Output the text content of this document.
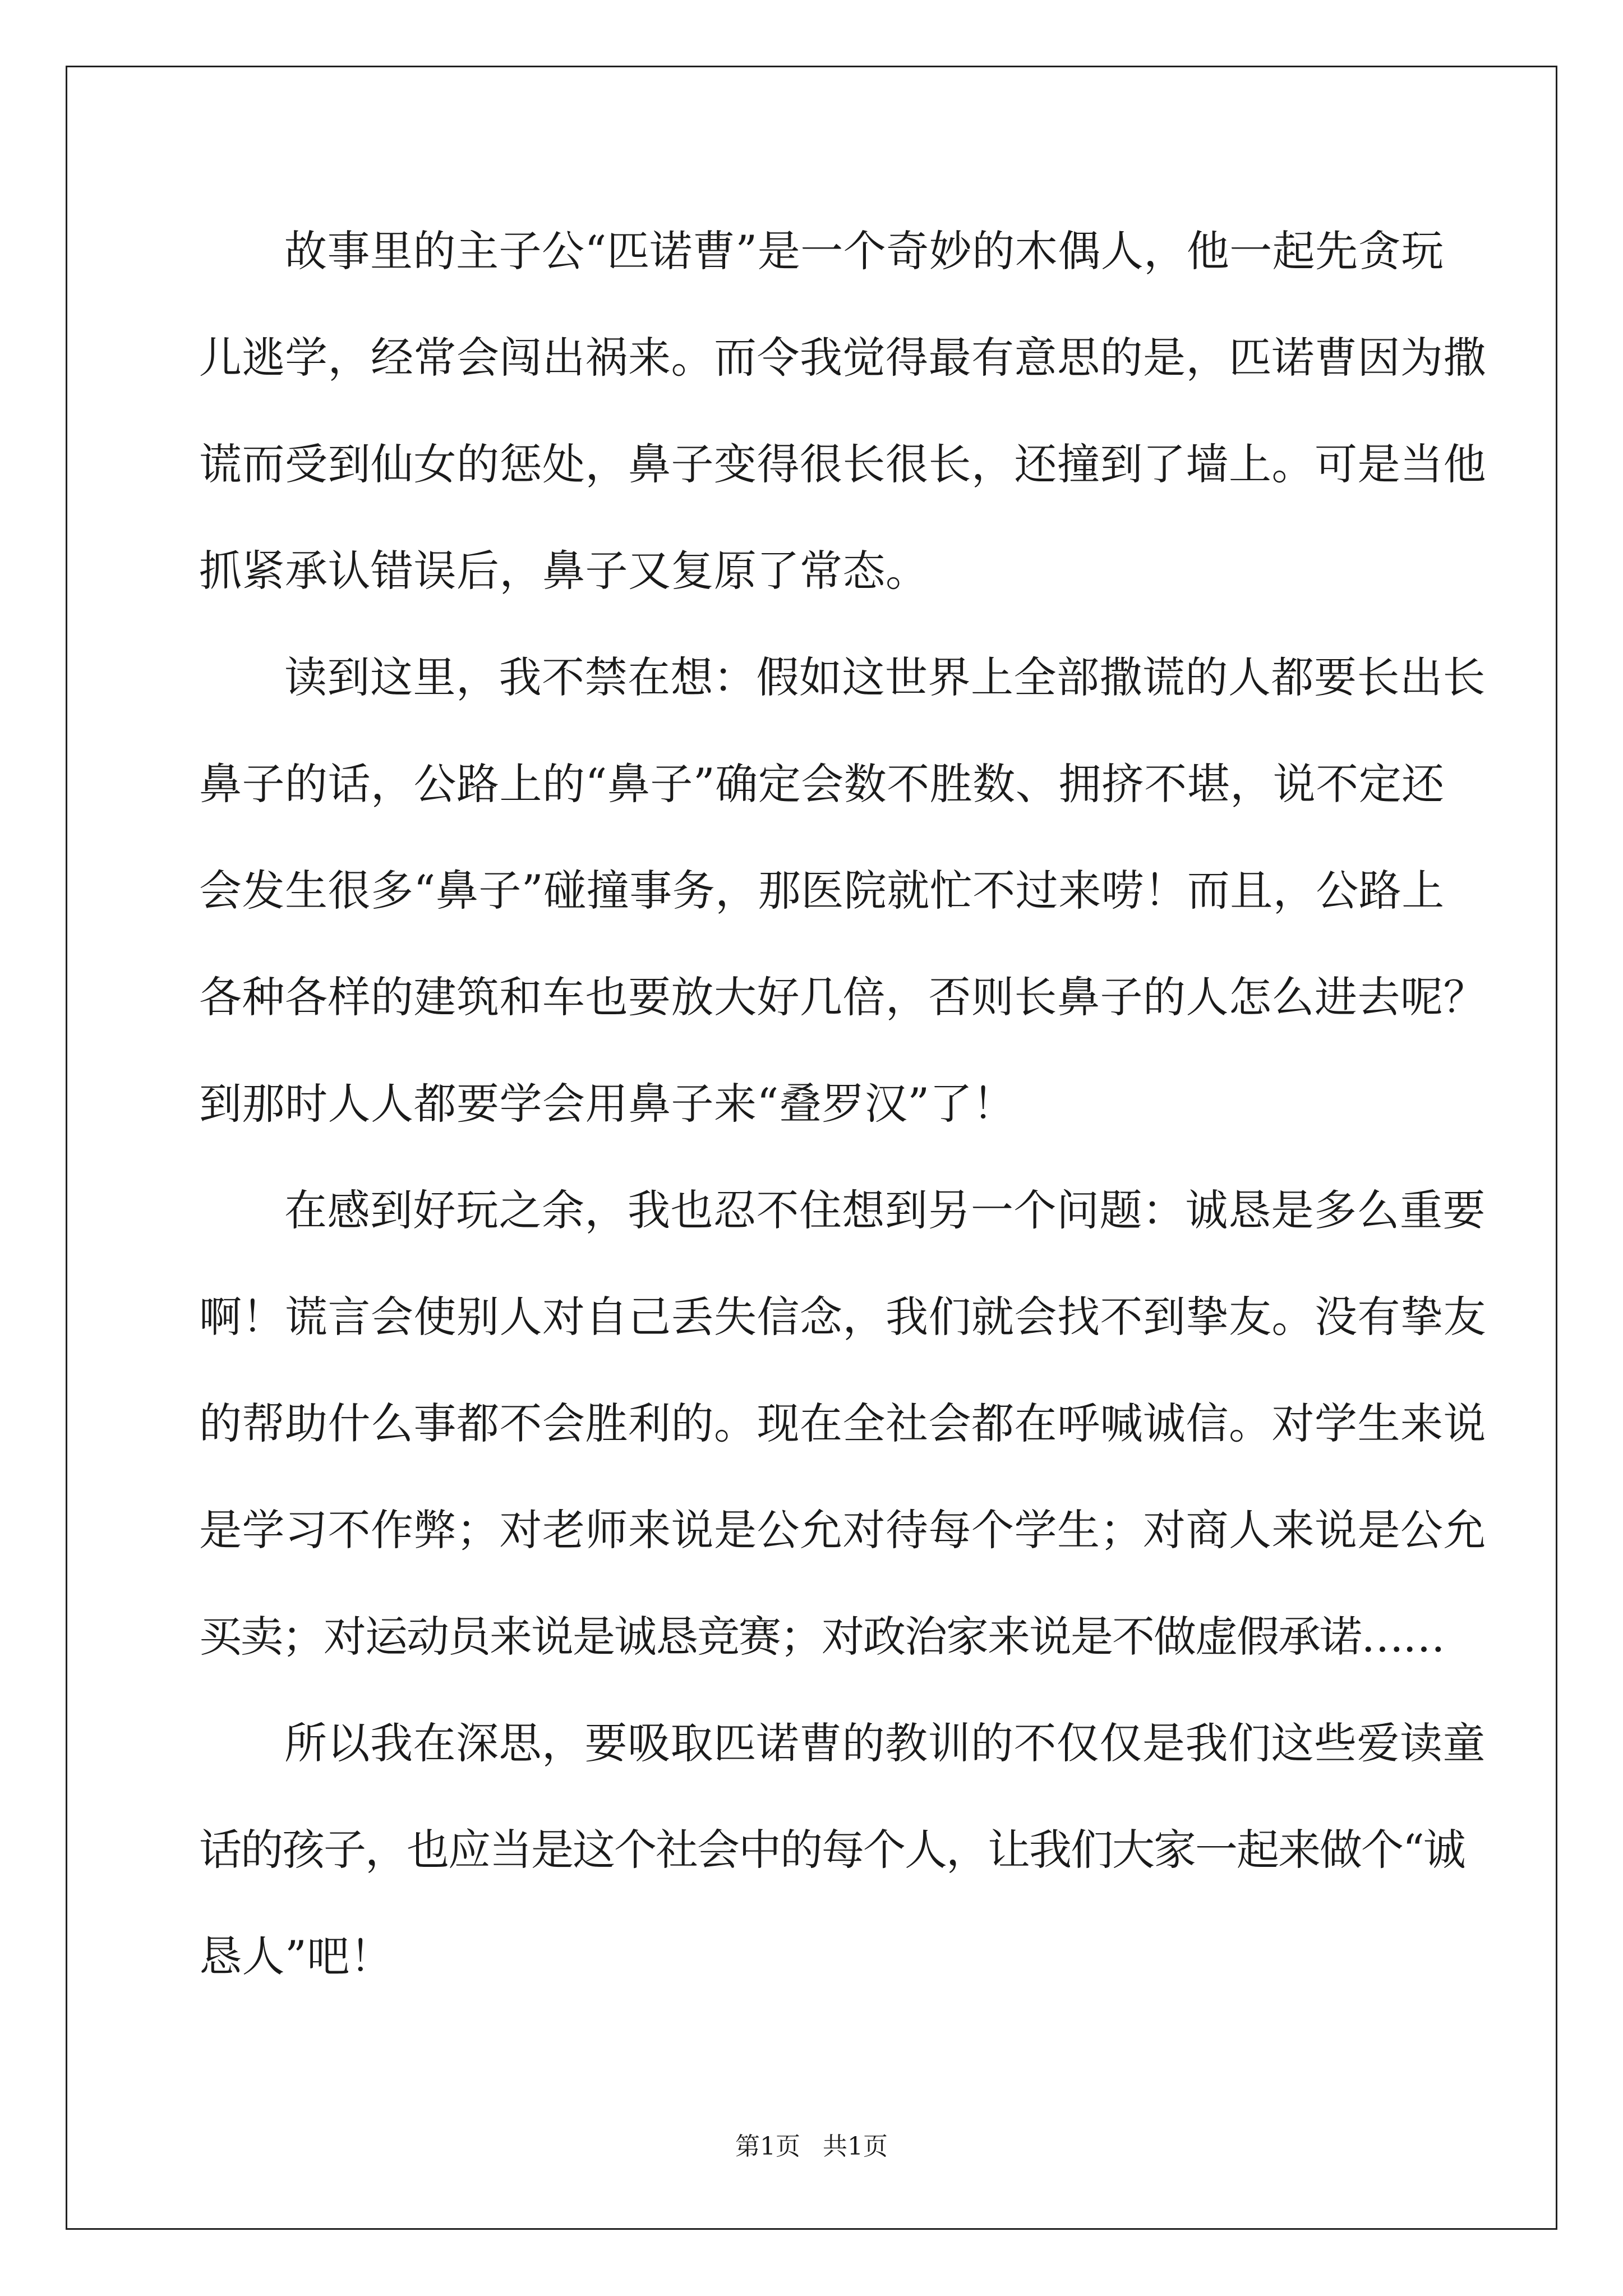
故事里的主子公“匹诺曹”是一个奇妙的木偶人，他一起先贪玩
儿逃学，经常会闯出祸来。而令我觉得最有意思的是，匹诺曹因为撒
谎而受到仙女的惩处，鼻子变得很长很长，还撞到了墙上。可是当他
抓紧承认错误后，鼻子又复原了常态。
读到这里，我不禁在想：假如这世界上全部撒谎的人都要长出长
鼻子的话，公路上的“鼻子”确定会数不胜数、拥挤不堪，说不定还
会发生很多“鼻子”碰撞事务，那医院就忙不过来唠！而且，公路上
各种各样的建筑和车也要放大好几倍，否则长鼻子的人怎么进去呢？
到那时人人都要学会用鼻子来“叠罗汉”了！
在感到好玩之余，我也忍不住想到另一个问题：诚恳是多么重要
啊！谎言会使别人对自己丢失信念，我们就会找不到挚友。没有挚友
的帮助什么事都不会胜利的。现在全社会都在呼喊诚信。对学生来说
是学习不作弊；对老师来说是公允对待每个学生；对商人来说是公允
买卖；对运动员来说是诚恳竞赛；对政治家来说是不做虚假承诺……
所以我在深思，要吸取匹诺曹的教训的不仅仅是我们这些爱读童
话的孩子，也应当是这个社会中的每个人，让我们大家一起来做个“诚
恳人”吧！
第1页 共1页
